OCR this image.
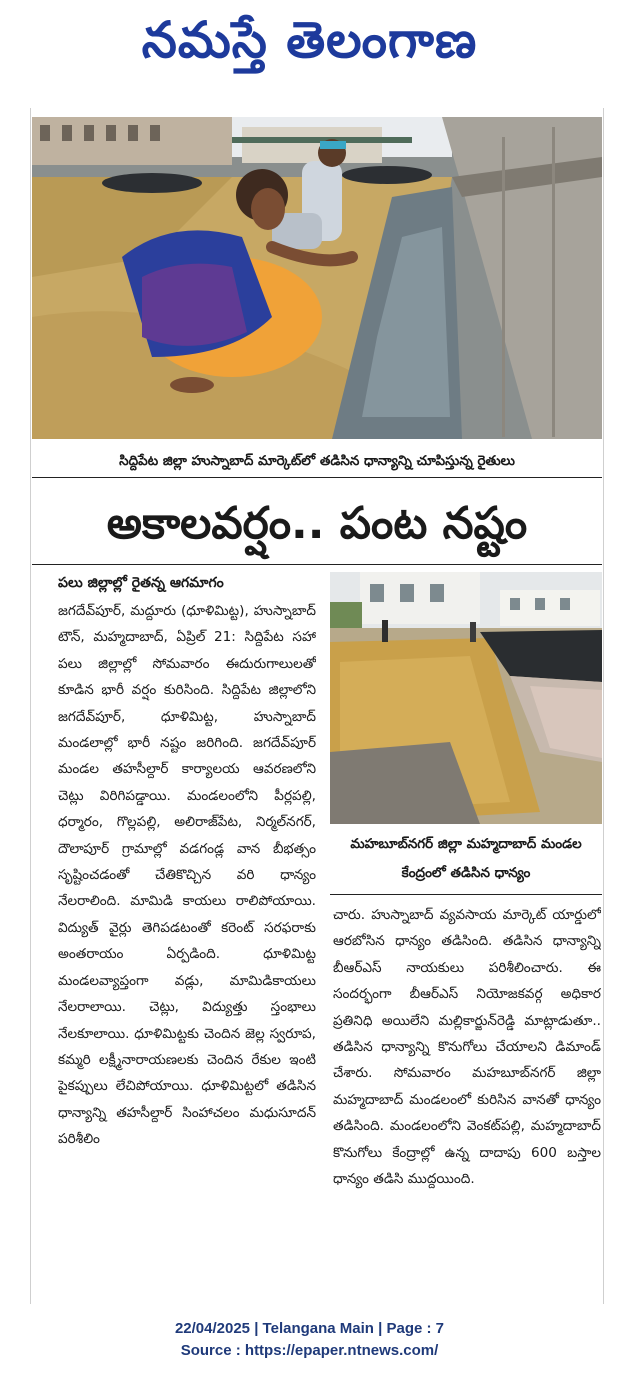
నమస్తే తెలంగాణ
సిద్దిపేట జిల్లా హుస్నాబాద్ మార్కెట్‌లో తడిసిన ధాన్యాన్ని చూపిస్తున్న రైతులు
అకాలవర్షం.. పంట నష్టం
పలు జిల్లాల్లో రైతన్న ఆగమాగం
జగదేవ్‌పూర్, మద్దూరు (ధూళిమిట్ట), హుస్నాబాద్ టౌన్, మహ్మదాబాద్, ఏప్రిల్ 21: సిద్దిపేట సహా పలు జిల్లాల్లో సోమవారం ఈదురుగాలులతో కూడిన భారీ వర్షం కురిసింది. సిద్దిపేట జిల్లాలోని జగదేవ్‌పూర్, ధూళిమిట్ట, హుస్నాబాద్ మండలాల్లో భారీ నష్టం జరిగింది. జగదేవ్‌పూర్ మండల తహసీల్దార్ కార్యాలయ ఆవరణలోని చెట్లు విరిగిపడ్డాయి. మండలంలోని పీర్లపల్లి, ధర్మారం, గొల్లపల్లి, అలిరాజ్‌పేట, నిర్మల్‌నగర్, దౌలాపూర్ గ్రామాల్లో వడగండ్ల వాన బీభత్సం సృష్టించడంతో చేతికొచ్చిన వరి ధాన్యం నేలరాలింది. మామిడి కాయలు రాలిపోయాయి. విద్యుత్ వైర్లు తెగిపడటంతో కరెంట్ సరఫరాకు అంతరాయం ఏర్పడింది. ధూళిమిట్ట మండలవ్యాప్తంగా వడ్లు, మామిడికాయలు నేలరాలాయి. చెట్లు, విద్యుత్తు స్తంభాలు నేలకూలాయి. ధూళిమిట్టకు చెందిన జెల్ల స్వరూప, కమ్మరి లక్ష్మీనారాయణలకు చెందిన రేకుల ఇంటి పైకప్పులు లేచిపోయాయి. ధూళిమిట్టలో తడిసిన ధాన్యాన్ని తహసీల్దార్ సింహాచలం మధుసూదన్ పరిశీలిం
మహబూబ్‌నగర్ జిల్లా మహ్మదాబాద్ మండల కేంద్రంలో తడిసిన ధాన్యం
చారు. హుస్నాబాద్ వ్యవసాయ మార్కెట్ యార్డులో ఆరబోసిన ధాన్యం తడిసింది. తడిసిన ధాన్యాన్ని బీఆర్‌ఎస్ నాయకులు పరిశీలించారు. ఈ సందర్భంగా బీఆర్‌ఎస్ నియోజకవర్గ అధికార ప్రతినిధి అయిలేని మల్లికార్జున్‌రెడ్డి మాట్లాడుతూ.. తడిసిన ధాన్యాన్ని కొనుగోలు చేయాలని డిమాండ్ చేశారు. సోమవారం మహబూబ్‌నగర్ జిల్లా మహ్మదాబాద్ మండలంలో కురిసిన వానతో ధాన్యం తడిసింది. మండలంలోని వెంకట్‌పల్లి, మహ్మదాబాద్ కొనుగోలు కేంద్రాల్లో ఉన్న దాదాపు 600 బస్తాల ధాన్యం తడిసి ముద్దయింది.
22/04/2025 | Telangana Main | Page : 7
Source : https://epaper.ntnews.com/
